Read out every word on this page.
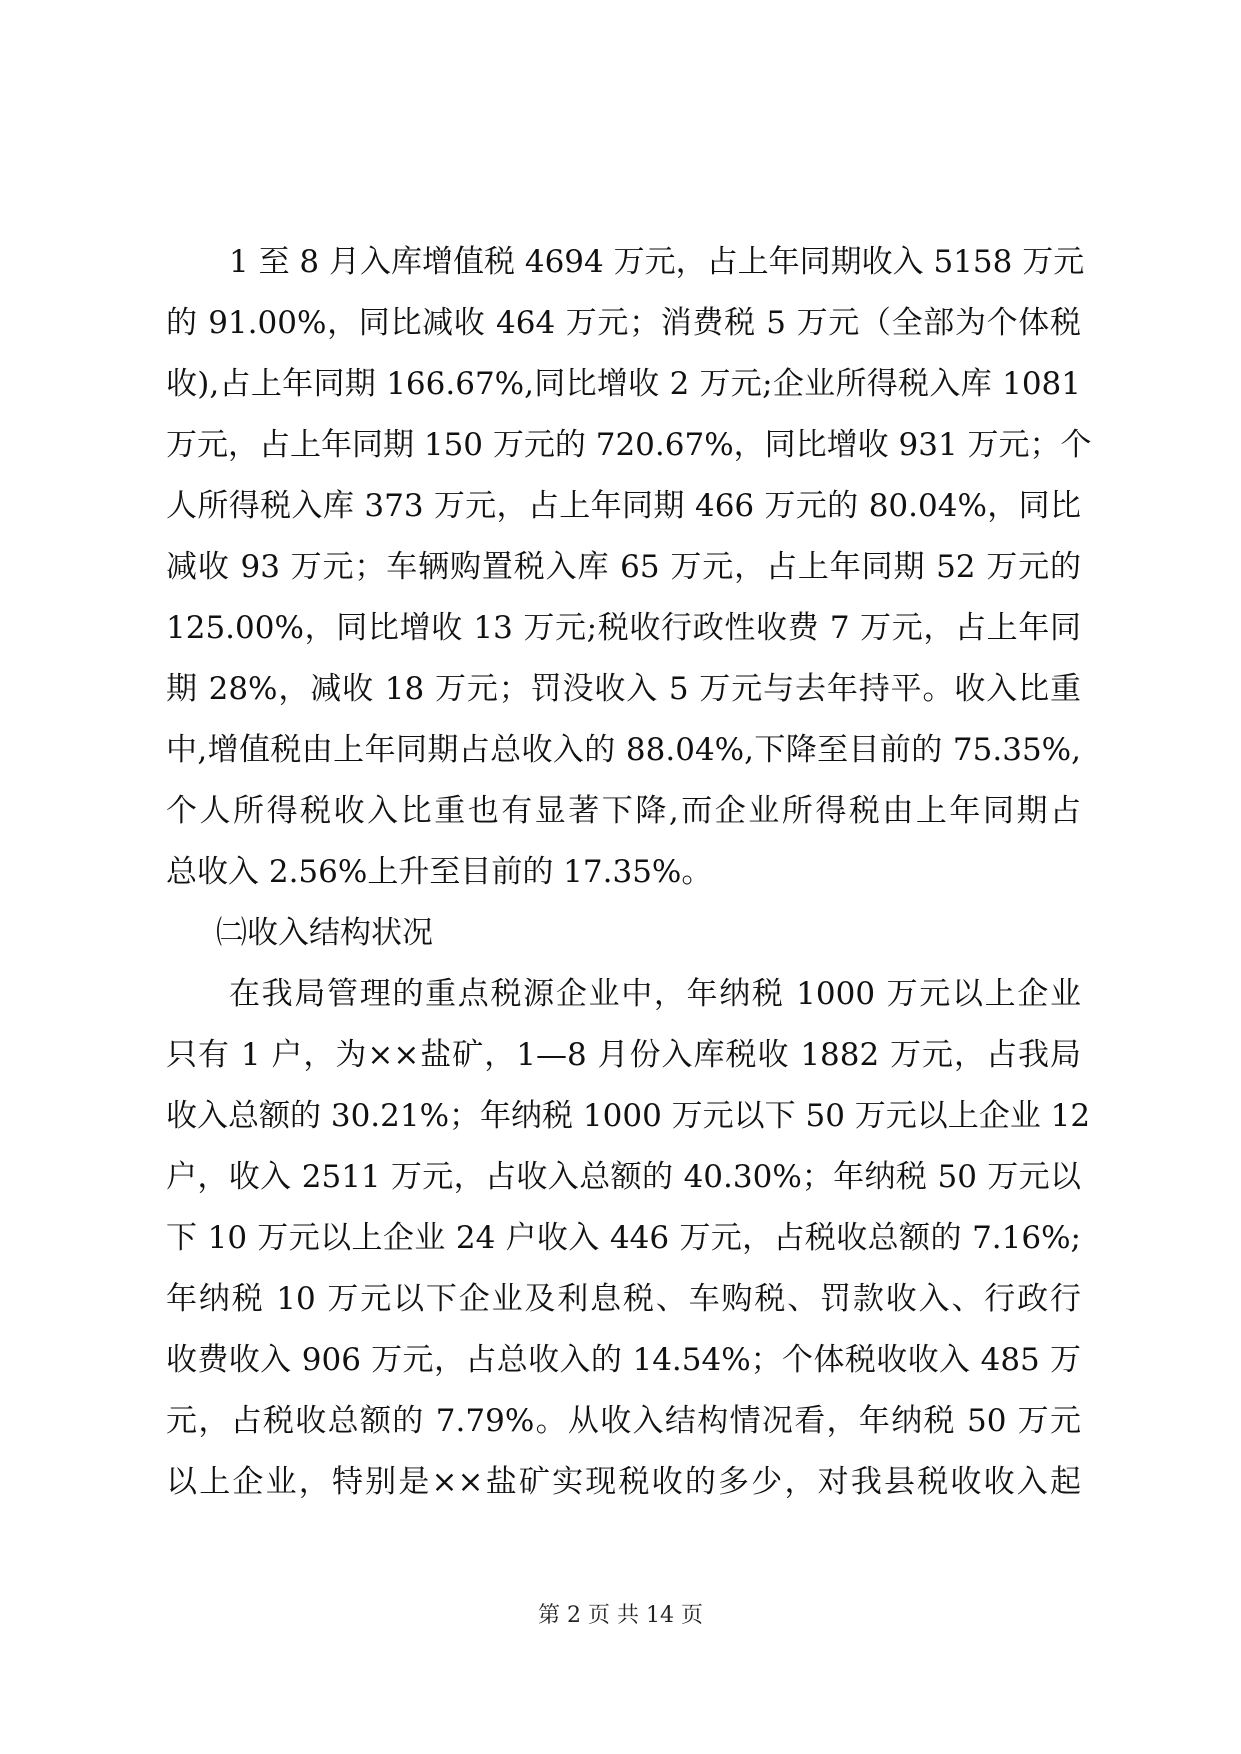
1 至 8 月入库增值税 4694 万元，占上年同期收入 5158 万元
的 91.00%，同比减收 464 万元；消费税 5 万元（全部为个体税
收),占上年同期 166.67%,同比增收 2 万元;企业所得税入库 1081
万元，占上年同期 150 万元的 720.67%，同比增收 931 万元；个
人所得税入库 373 万元，占上年同期 466 万元的 80.04%，同比
减收 93 万元；车辆购置税入库 65 万元，占上年同期 52 万元的
125.00%，同比增收 13 万元;税收行政性收费 7 万元，占上年同
期 28%，减收 18 万元；罚没收入 5 万元与去年持平。收入比重
中,增值税由上年同期占总收入的 88.04%,下降至目前的 75.35%,
个人所得税收入比重也有显著下降,而企业所得税由上年同期占
总收入 2.56%上升至目前的 17.35%。
㈡收入结构状况
在我局管理的重点税源企业中，年纳税 1000 万元以上企业
只有 1 户，为××盐矿，1—8 月份入库税收 1882 万元，占我局
收入总额的 30.21%；年纳税 1000 万元以下 50 万元以上企业 12
户，收入 2511 万元，占收入总额的 40.30%；年纳税 50 万元以
下 10 万元以上企业 24 户收入 446 万元，占税收总额的 7.16%;
年纳税 10 万元以下企业及利息税、车购税、罚款收入、行政行
收费收入 906 万元，占总收入的 14.54%；个体税收收入 485 万
元，占税收总额的 7.79%。从收入结构情况看，年纳税 50 万元
以上企业，特别是××盐矿实现税收的多少，对我县税收收入起
第 2 页 共 14 页
